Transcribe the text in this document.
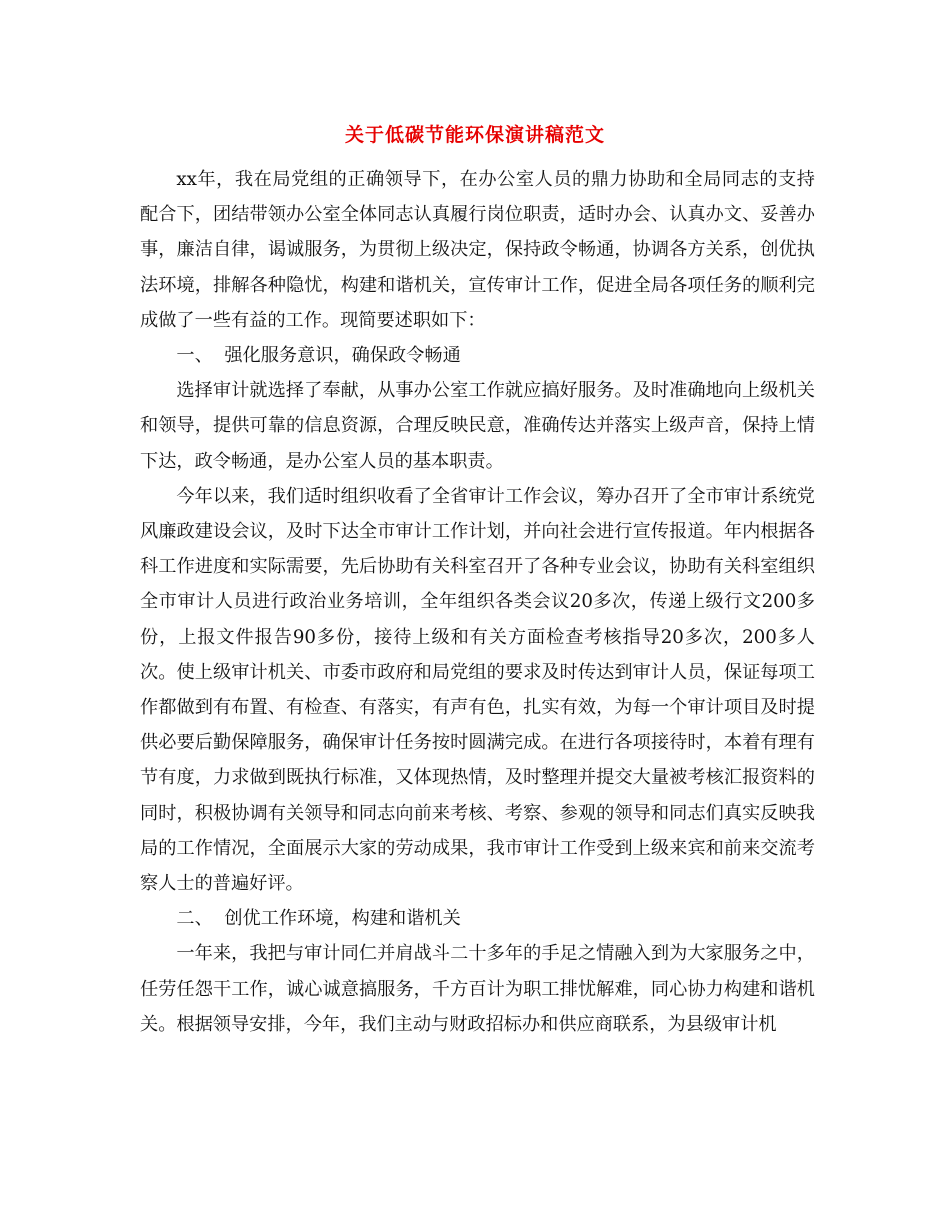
关于低碳节能环保演讲稿范文

xx年，我在局党组的正确领导下，在办公室人员的鼎力协助和全局同志的支持配合下，团结带领办公室全体同志认真履行岗位职责，适时办会、认真办文、妥善办事，廉洁自律，谒诚服务，为贯彻上级决定，保持政令畅通，协调各方关系，创优执法环境，排解各种隐忧，构建和谐机关，宣传审计工作，促进全局各项任务的顺利完成做了一些有益的工作。现简要述职如下：

一、  强化服务意识，确保政令畅通

选择审计就选择了奉献，从事办公室工作就应搞好服务。及时准确地向上级机关和领导，提供可靠的信息资源，合理反映民意，准确传达并落实上级声音，保持上情下达，政令畅通，是办公室人员的基本职责。

今年以来，我们适时组织收看了全省审计工作会议，筹办召开了全市审计系统党风廉政建设会议，及时下达全市审计工作计划，并向社会进行宣传报道。年内根据各科工作进度和实际需要，先后协助有关科室召开了各种专业会议，协助有关科室组织全市审计人员进行政治业务培训，全年组织各类会议20多次，传递上级行文200多份，上报文件报告90多份，接待上级和有关方面检查考核指导20多次，200多人次。使上级审计机关、市委市政府和局党组的要求及时传达到审计人员，保证每项工作都做到有布置、有检查、有落实，有声有色，扎实有效，为每一个审计项目及时提供必要后勤保障服务，确保审计任务按时圆满完成。在进行各项接待时，本着有理有节有度，力求做到既执行标准，又体现热情，及时整理并提交大量被考核汇报资料的同时，积极协调有关领导和同志向前来考核、考察、参观的领导和同志们真实反映我局的工作情况，全面展示大家的劳动成果，我市审计工作受到上级来宾和前来交流考察人士的普遍好评。

二、  创优工作环境，构建和谐机关

一年来，我把与审计同仁并肩战斗二十多年的手足之情融入到为大家服务之中，任劳任怨干工作，诚心诚意搞服务，千方百计为职工排忧解难，同心协力构建和谐机关。根据领导安排，今年，我们主动与财政招标办和供应商联系，为县级审计机
